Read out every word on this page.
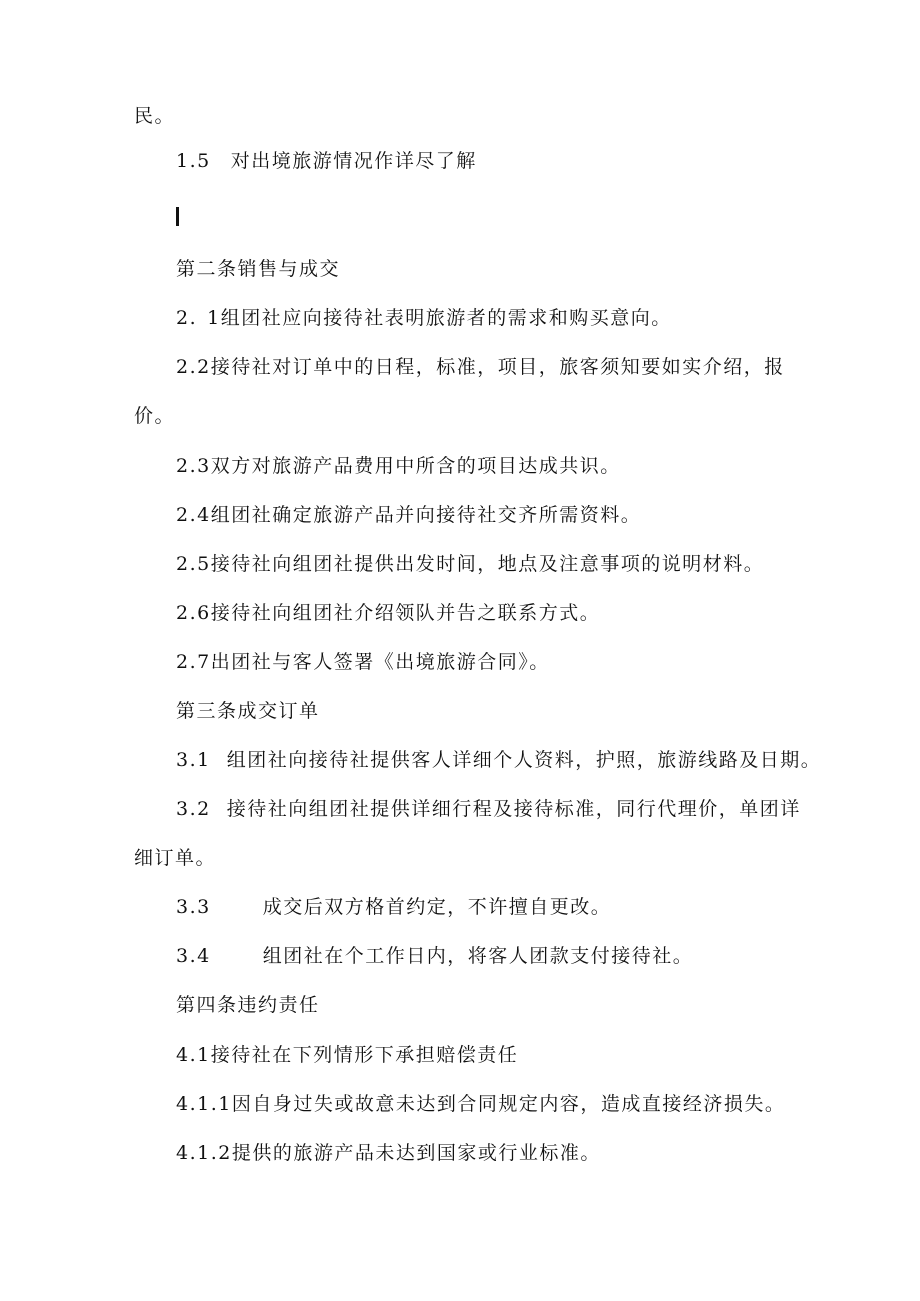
民。
1.5 对出境旅游情况作详尽了解
第二条销售与成交
2. 1组团社应向接待社表明旅游者的需求和购买意向。
2.2接待社对订单中的日程，标准，项目，旅客须知要如实介绍，报
价。
2.3双方对旅游产品费用中所含的项目达成共识。
2.4组团社确定旅游产品并向接待社交齐所需资料。
2.5接待社向组团社提供出发时间，地点及注意事项的说明材料。
2.6接待社向组团社介绍领队并告之联系方式。
2.7出团社与客人签署《出境旅游合同》。
第三条成交订单
3.1 组团社向接待社提供客人详细个人资料，护照，旅游线路及日期。
3.2 接待社向组团社提供详细行程及接待标准，同行代理价，单团详
细订单。
3.3	成交后双方格首约定，不许擅自更改。
3.4	组团社在个工作日内，将客人团款支付接待社。
第四条违约责任
4.1接待社在下列情形下承担赔偿责任
4.1.1因自身过失或故意未达到合同规定内容，造成直接经济损失。
4.1.2提供的旅游产品未达到国家或行业标准。
